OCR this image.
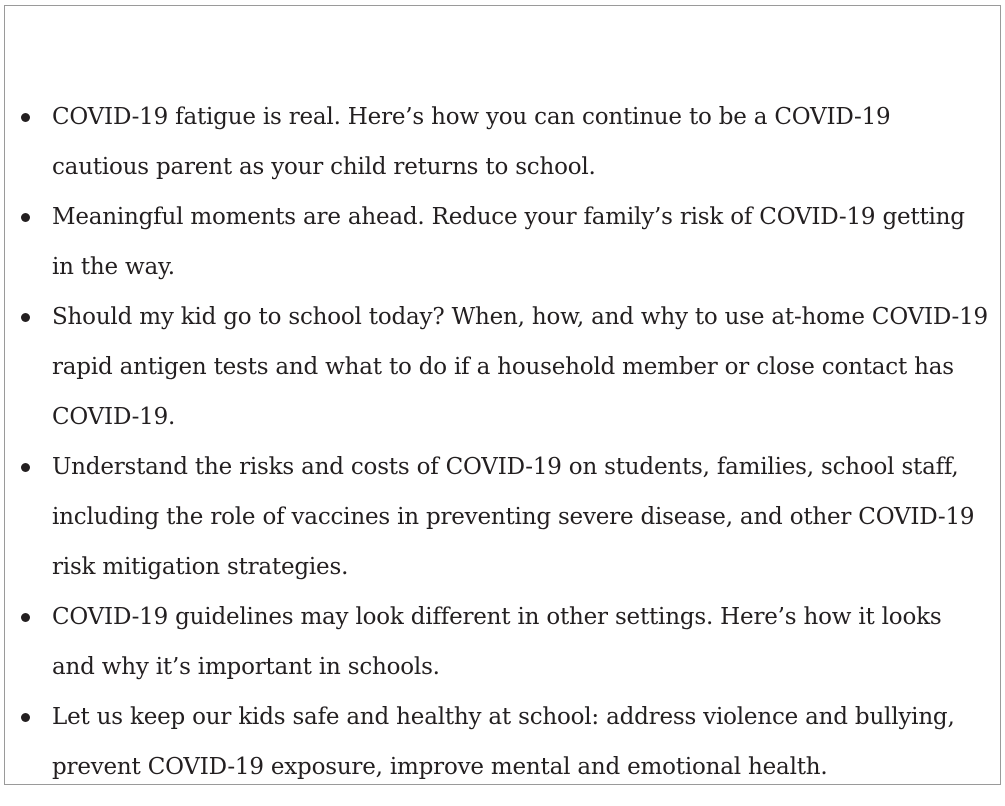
COVID-19 fatigue is real. Here’s how you can continue to be a COVID-19 cautious parent as your child returns to school.
Meaningful moments are ahead. Reduce your family’s risk of COVID-19 getting in the way.
Should my kid go to school today? When, how, and why to use at-home COVID-19 rapid antigen tests and what to do if a household member or close contact has COVID-19.
Understand the risks and costs of COVID-19 on students, families, school staff, including the role of vaccines in preventing severe disease, and other COVID-19 risk mitigation strategies.
COVID-19 guidelines may look different in other settings. Here’s how it looks and why it’s important in schools.
Let us keep our kids safe and healthy at school: address violence and bullying, prevent COVID-19 exposure, improve mental and emotional health.
